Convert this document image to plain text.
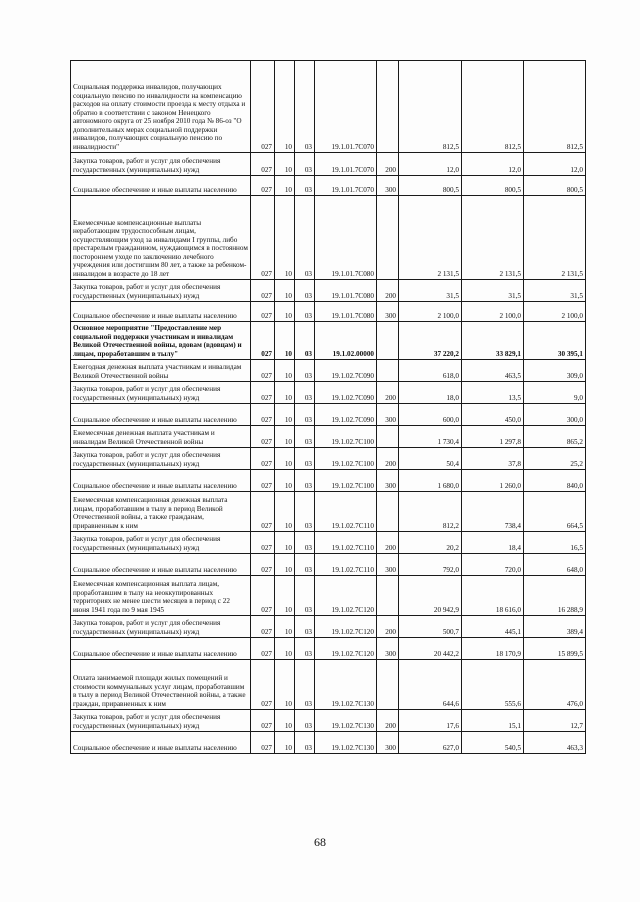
Социальная поддержка инвалидов, получающих социальную пенсию по инвалидности на компенсацию расходов на оплату стоимости проезда к месту отдыха и обратно в соответствии с законом Ненецкого автономного округа от 25 ноября 2010 года № 86-оз "О дополнительных мерах социальной поддержки инвалидов, получающих социальную пенсию по инвалидности"	027	10	03	19.1.01.7С070		812,5	812,5	812,5
Закупка товаров, работ и услуг для обеспечения государственных (муниципальных) нужд	027	10	03	19.1.01.7С070	200	12,0	12,0	12,0
Социальное обеспечение и иные выплаты населению	027	10	03	19.1.01.7С070	300	800,5	800,5	800,5
Ежемесячные компенсационные выплаты неработающим трудоспособным лицам, осуществляющим уход за инвалидами I группы, либо престарелым гражданином, нуждающимся в постоянном постороннем уходе по заключению лечебного учреждения или достигшим 80 лет, а также за ребенком-инвалидом в возрасте до 18 лет	027	10	03	19.1.01.7С080		2 131,5	2 131,5	2 131,5
Закупка товаров, работ и услуг для обеспечения государственных (муниципальных) нужд	027	10	03	19.1.01.7С080	200	31,5	31,5	31,5
Социальное обеспечение и иные выплаты населению	027	10	03	19.1.01.7С080	300	2 100,0	2 100,0	2 100,0
Основное мероприятие "Предоставление мер социальной поддержки участникам и инвалидам Великой Отечественной войны, вдовам (вдовцам) и лицам, проработавшим в тылу"	027	10	03	19.1.02.00000		37 220,2	33 829,1	30 395,1
Ежегодная денежная выплата участникам и инвалидам Великой Отечественной войны	027	10	03	19.1.02.7С090		618,0	463,5	309,0
Закупка товаров, работ и услуг для обеспечения государственных (муниципальных) нужд	027	10	03	19.1.02.7С090	200	18,0	13,5	9,0
Социальное обеспечение и иные выплаты населению	027	10	03	19.1.02.7С090	300	600,0	450,0	300,0
Ежемесячная денежная выплата участникам и инвалидам Великой Отечественной войны	027	10	03	19.1.02.7С100		1 730,4	1 297,8	865,2
Закупка товаров, работ и услуг для обеспечения государственных (муниципальных) нужд	027	10	03	19.1.02.7С100	200	50,4	37,8	25,2
Социальное обеспечение и иные выплаты населению	027	10	03	19.1.02.7С100	300	1 680,0	1 260,0	840,0
Ежемесячная компенсационная денежная выплата лицам, проработавшим в тылу в период Великой Отечественной войны, а также гражданам, приравненным к ним	027	10	03	19.1.02.7С110		812,2	738,4	664,5
Закупка товаров, работ и услуг для обеспечения государственных (муниципальных) нужд	027	10	03	19.1.02.7С110	200	20,2	18,4	16,5
Социальное обеспечение и иные выплаты населению	027	10	03	19.1.02.7С110	300	792,0	720,0	648,0
Ежемесячная компенсационная выплата лицам, проработавшим в тылу на неоккупированных территориях не менее шести месяцев в период с 22 июня 1941 года по 9 мая 1945	027	10	03	19.1.02.7С120		20 942,9	18 616,0	16 288,9
Закупка товаров, работ и услуг для обеспечения государственных (муниципальных) нужд	027	10	03	19.1.02.7С120	200	500,7	445,1	389,4
Социальное обеспечение и иные выплаты населению	027	10	03	19.1.02.7С120	300	20 442,2	18 170,9	15 899,5
Оплата занимаемой площади жилых помещений и стоимости коммунальных услуг лицам, проработавшим в тылу в период Великой Отечественной войны, а также граждан, приравненных к ним	027	10	03	19.1.02.7С130		644,6	555,6	476,0
Закупка товаров, работ и услуг для обеспечения государственных (муниципальных) нужд	027	10	03	19.1.02.7С130	200	17,6	15,1	12,7
Социальное обеспечение и иные выплаты населению	027	10	03	19.1.02.7С130	300	627,0	540,5	463,3
68
